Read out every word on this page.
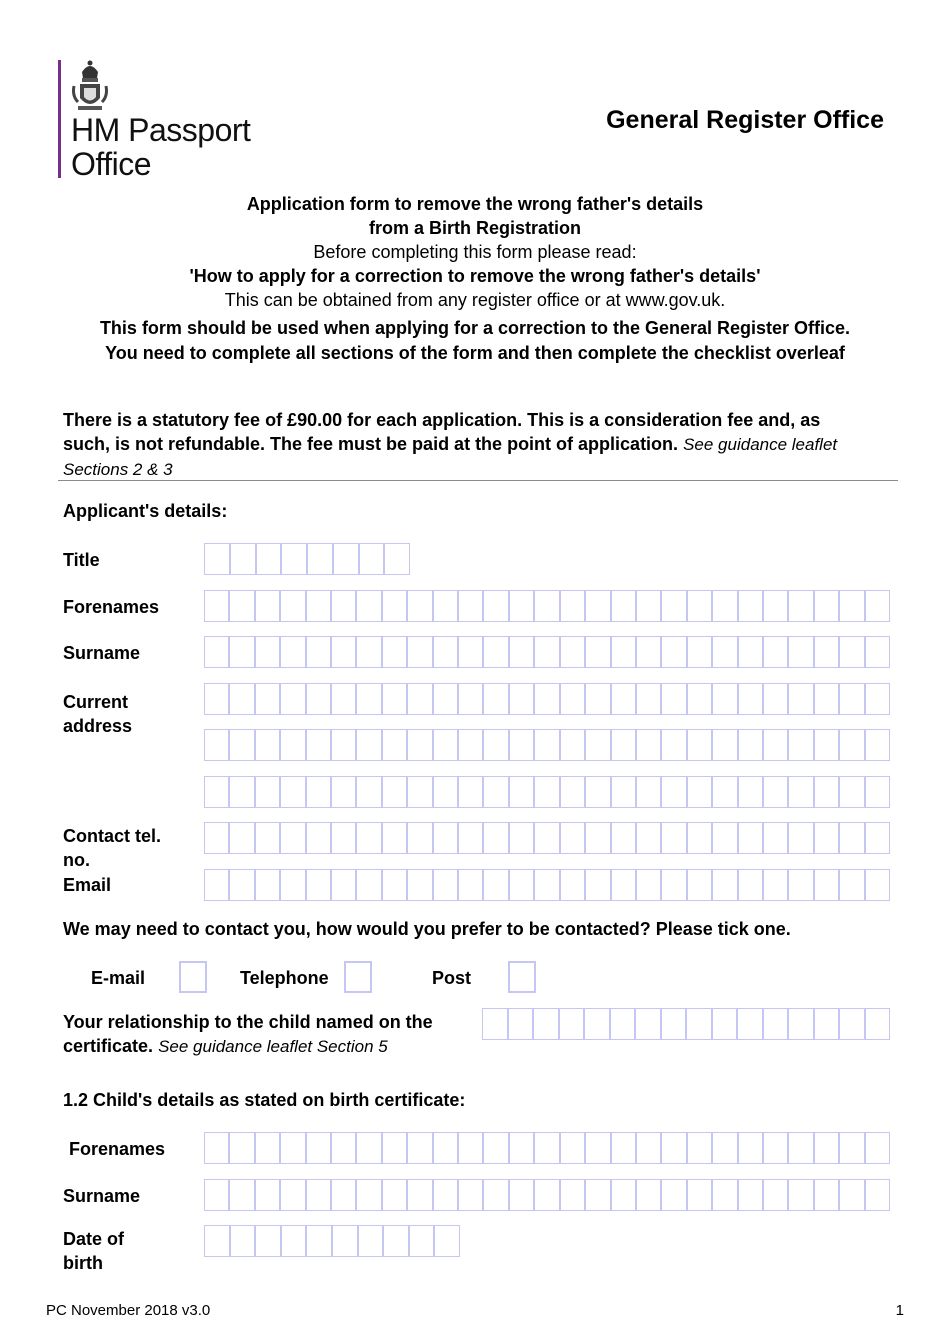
HM Passport
Office
General Register Office
Application form to remove the wrong father's details
from a Birth Registration
Before completing this form please read:
'How to apply for a correction to remove the wrong father's details'
This can be obtained from any register office or at www.gov.uk.
This form should be used when applying for a correction to the General Register Office.
You need to complete all sections of the form and then complete the checklist overleaf
There is a statutory fee of £90.00 for each application. This is a consideration fee and, as such, is not refundable. The fee must be paid at the point of application. See guidance leaflet Sections 2 & 3
Applicant's details:
Title
Forenames
Surname
Current
address
Contact tel.
no.
Email
We may need to contact you, how would you prefer to be contacted? Please tick one.
E-mail	Telephone	Post
Your relationship to the child named on the
certificate. See guidance leaflet Section 5
1.2 Child's details as stated on birth certificate:
Forenames
Surname
Date of
birth
PC November 2018 v3.0	1
